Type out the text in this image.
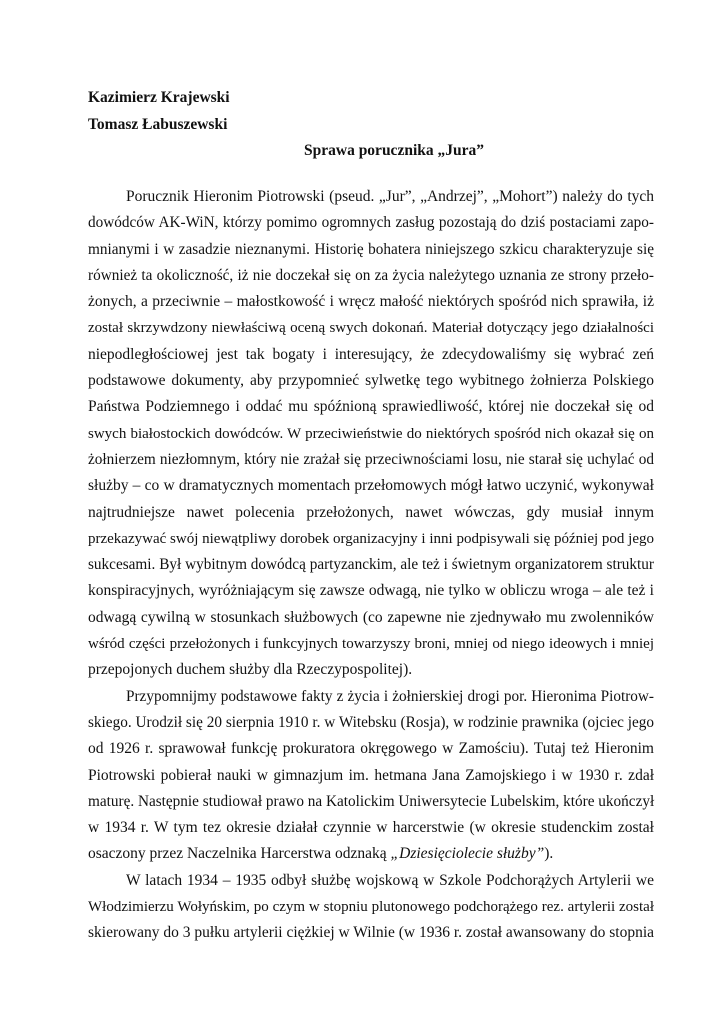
Kazimierz Krajewski
Tomasz Łabuszewski
Sprawa porucznika „Jura”
Porucznik Hieronim Piotrowski (pseud. „Jur”, „Andrzej”, „Mohort”) należy do tych
dowódców AK-WiN, którzy pomimo ogromnych zasług pozostają do dziś postaciami zapo-
mnianymi i w zasadzie nieznanymi. Historię bohatera niniejszego szkicu charakteryzuje się
również ta okoliczność, iż nie doczekał się on za życia należytego uznania ze strony przeło-
żonych, a przeciwnie – małostkowość i wręcz małość niektórych spośród nich sprawiła, iż
został skrzywdzony niewłaściwą oceną swych dokonań. Materiał dotyczący jego działalności
niepodległościowej jest tak bogaty i interesujący, że zdecydowaliśmy się wybrać zeń
podstawowe dokumenty, aby przypomnieć sylwetkę tego wybitnego żołnierza Polskiego
Państwa Podziemnego i oddać mu spóźnioną sprawiedliwość, której nie doczekał się od
swych białostockich dowódców. W przeciwieństwie do niektórych spośród nich okazał się on
żołnierzem niezłomnym, który nie zrażał się przeciwnościami losu, nie starał się uchylać od
służby – co w dramatycznych momentach przełomowych mógł łatwo uczynić, wykonywał
najtrudniejsze nawet polecenia przełożonych, nawet wówczas, gdy musiał innym
przekazywać swój niewątpliwy dorobek organizacyjny i inni podpisywali się później pod jego
sukcesami. Był wybitnym dowódcą partyzanckim, ale też i świetnym organizatorem struktur
konspiracyjnych, wyróżniającym się zawsze odwagą, nie tylko w obliczu wroga – ale też i
odwagą cywilną w stosunkach służbowych (co zapewne nie zjednywało mu zwolenników
wśród części przełożonych i funkcyjnych towarzyszy broni, mniej od niego ideowych i mniej
przepojonych duchem służby dla Rzeczypospolitej).
Przypomnijmy podstawowe fakty z życia i żołnierskiej drogi por. Hieronima Piotrow-
skiego. Urodził się 20 sierpnia 1910 r. w Witebsku (Rosja), w rodzinie prawnika (ojciec jego
od 1926 r. sprawował funkcję prokuratora okręgowego w Zamościu). Tutaj też Hieronim
Piotrowski pobierał nauki w gimnazjum im. hetmana Jana Zamojskiego i w 1930 r. zdał
maturę. Następnie studiował prawo na Katolickim Uniwersytecie Lubelskim, które ukończył
w 1934 r. W tym tez okresie działał czynnie w harcerstwie (w okresie studenckim został
osaczony przez Naczelnika Harcerstwa odznaką „Dziesięciolecie służby”).
W latach 1934 – 1935 odbył służbę wojskową w Szkole Podchorążych Artylerii we
Włodzimierzu Wołyńskim, po czym w stopniu plutonowego podchorążego rez. artylerii został
skierowany do 3 pułku artylerii ciężkiej w Wilnie (w 1936 r. został awansowany do stopnia
